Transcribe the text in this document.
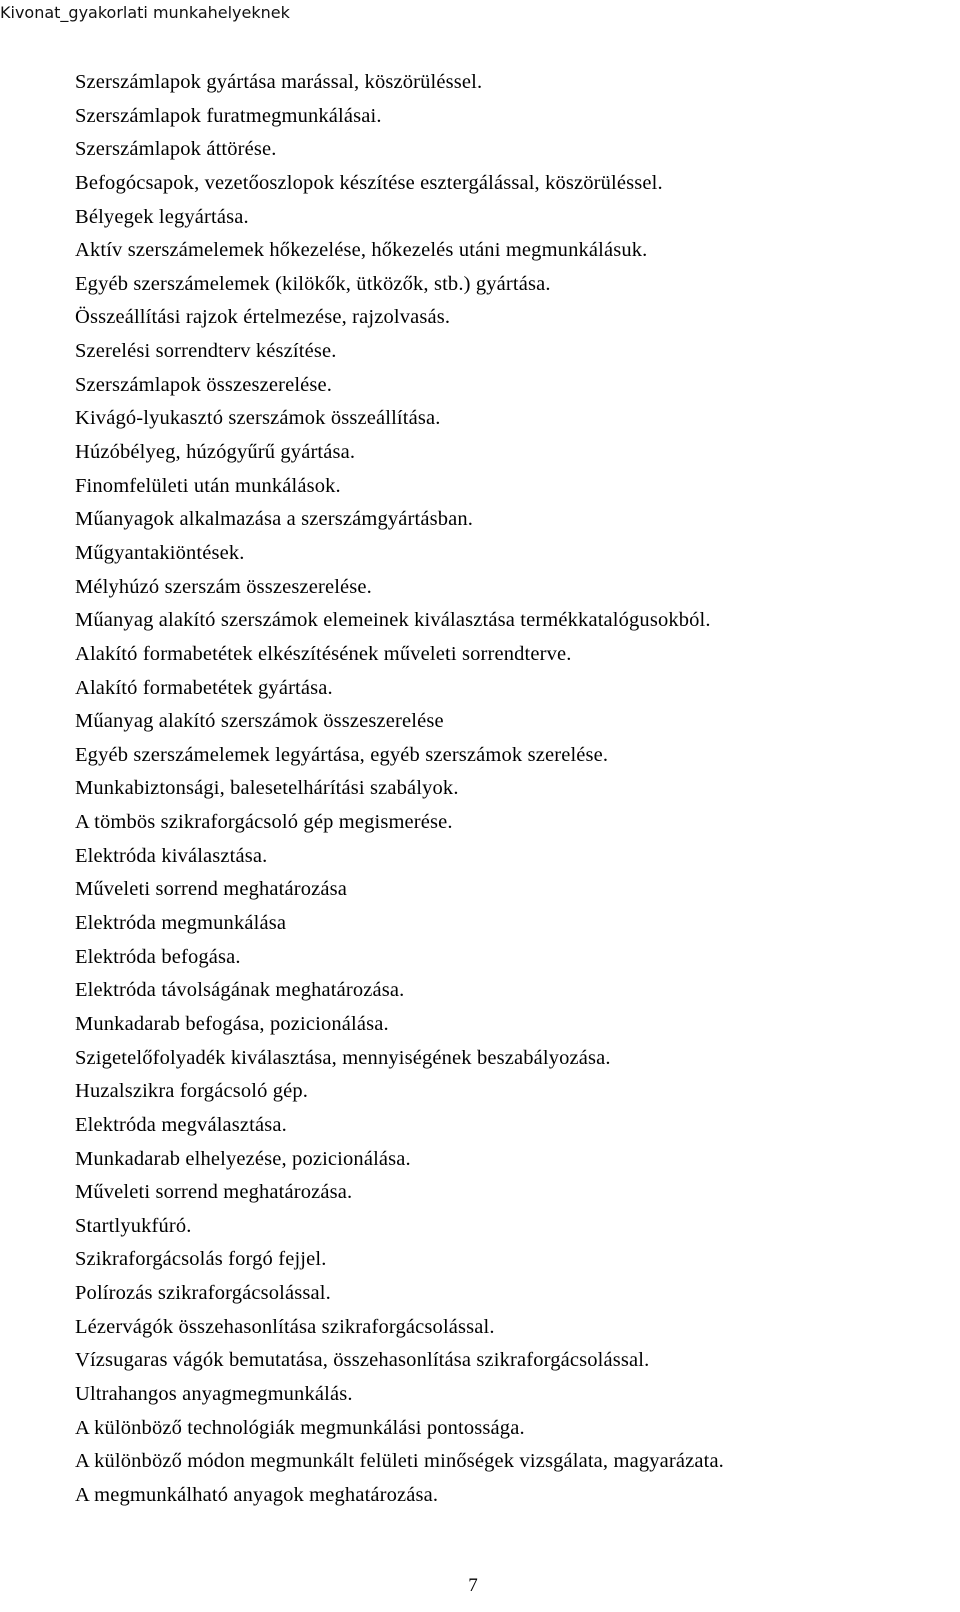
Kivonat_gyakorlati munkahelyeknek
Szerszámlapok gyártása marással, köszörüléssel.
Szerszámlapok furatmegmunkálásai.
Szerszámlapok áttörése.
Befogócsapok, vezetőoszlopok készítése esztergálással, köszörüléssel.
Bélyegek legyártása.
Aktív szerszámelemek hőkezelése, hőkezelés utáni megmunkálásuk.
Egyéb szerszámelemek (kilökők, ütközők, stb.) gyártása.
Összeállítási rajzok értelmezése, rajzolvasás.
Szerelési sorrendterv készítése.
Szerszámlapok összeszerelése.
Kivágó-lyukasztó szerszámok összeállítása.
Húzóbélyeg, húzógyűrű gyártása.
Finomfelületi után munkálások.
Műanyagok alkalmazása a szerszámgyártásban.
Műgyantakiöntések.
Mélyhúzó szerszám összeszerelése.
Műanyag alakító szerszámok elemeinek kiválasztása termékkatalógusokból.
Alakító formabetétek elkészítésének műveleti sorrendterve.
Alakító formabetétek gyártása.
Műanyag alakító szerszámok összeszerelése
Egyéb szerszámelemek legyártása, egyéb szerszámok szerelése.
Munkabiztonsági, balesetelhárítási szabályok.
A tömbös szikraforgácsoló gép megismerése.
Elektróda kiválasztása.
Műveleti sorrend meghatározása
Elektróda megmunkálása
Elektróda befogása.
Elektróda távolságának meghatározása.
Munkadarab befogása, pozicionálása.
Szigetelőfolyadék kiválasztása, mennyiségének beszabályozása.
Huzalszikra forgácsoló gép.
Elektróda megválasztása.
Munkadarab elhelyezése, pozicionálása.
Műveleti sorrend meghatározása.
Startlyukfúró.
Szikraforgácsolás forgó fejjel.
Polírozás szikraforgácsolással.
Lézervágók összehasonlítása szikraforgácsolással.
Vízsugaras vágók bemutatása, összehasonlítása szikraforgácsolással.
Ultrahangos anyagmegmunkálás.
A különböző technológiák megmunkálási pontossága.
A különböző módon megmunkált felületi minőségek vizsgálata, magyarázata.
A megmunkálható anyagok meghatározása.
7
